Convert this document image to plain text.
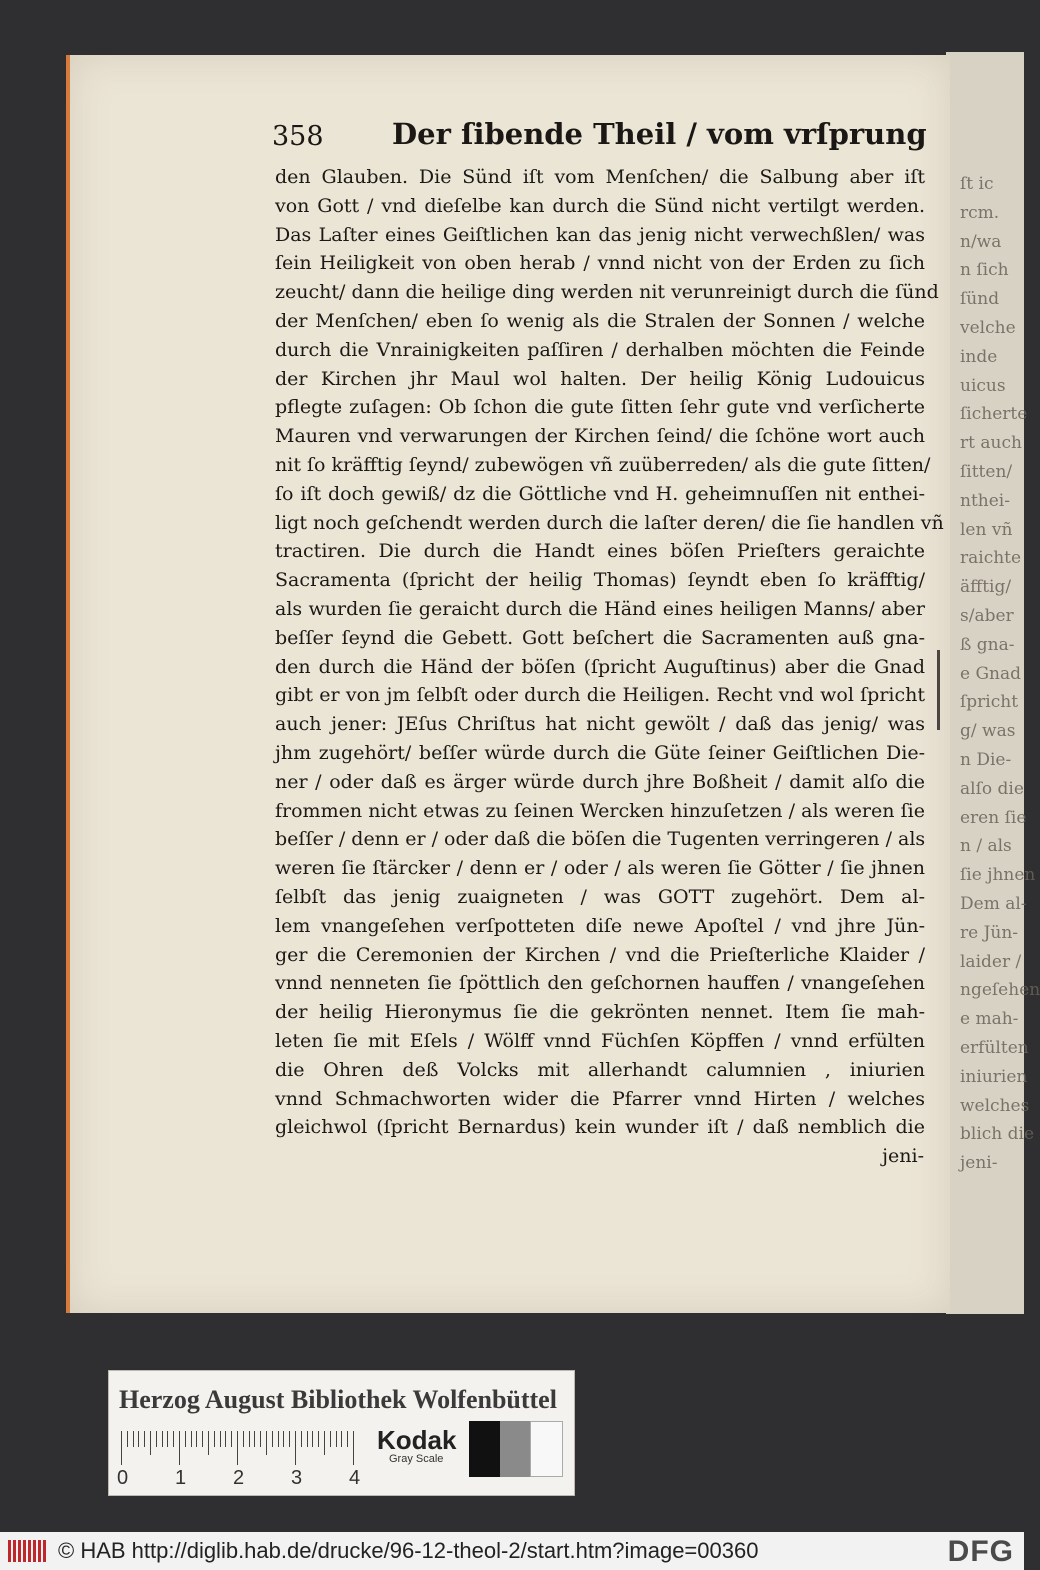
ſt ic
rcm.
n/wa
n ſich
ſünd
velche
inde
uicus
ſicherte
rt auch
ſitten/
nthei-
len vñ
raichte
äfftig/
s/aber
ß gna-
e Gnad
ſpricht
g/ was
n Die-
alſo die
eren ſie
n / als
ſie jhnen
Dem al-
re Jün-
laider /
ngeſehen
e mah-
erfülten
iniurien
welches
blich die
jeni-
358 Der ſibende Theil / vom vrſprung
den Glauben. Die Sünd iſt vom Menſchen/ die Salbung aber iſt
von Gott / vnd dieſelbe kan durch die Sünd nicht vertilgt werden.
Das Laſter eines Geiſtlichen kan das jenig nicht verwechßlen/ was
ſein Heiligkeit von oben herab / vnnd nicht von der Erden zu ſich
zeucht/ dann die heilige ding werden nit verunreinigt durch die ſünd
der Menſchen/ eben ſo wenig als die Stralen der Sonnen / welche
durch die Vnrainigkeiten paſſiren / derhalben möchten die Feinde
der Kirchen jhr Maul wol halten. Der heilig König Ludouicus
pflegte zuſagen: Ob ſchon die gute ſitten ſehr gute vnd verſicherte
Mauren vnd verwarungen der Kirchen ſeind/ die ſchöne wort auch
nit ſo kräfftig ſeynd/ zubewögen vñ zuüberreden/ als die gute ſitten/
ſo iſt doch gewiß/ dz die Göttliche vnd H. geheimnuſſen nit enthei-
ligt noch geſchendt werden durch die laſter deren/ die ſie handlen vñ
tractiren. Die durch die Handt eines böſen Prieſters geraichte
Sacramenta (ſpricht der heilig Thomas) ſeyndt eben ſo kräfftig/
als wurden ſie geraicht durch die Händ eines heiligen Manns/ aber
beſſer ſeynd die Gebett. Gott beſchert die Sacramenten auß gna-
den durch die Händ der böſen (ſpricht Auguſtinus) aber die Gnad
gibt er von jm ſelbſt oder durch die Heiligen. Recht vnd wol ſpricht
auch jener: JEſus Chriſtus hat nicht gewölt / daß das jenig/ was
jhm zugehört/ beſſer würde durch die Güte ſeiner Geiſtlichen Die-
ner / oder daß es ärger würde durch jhre Boßheit / damit alſo die
frommen nicht etwas zu ſeinen Wercken hinzuſetzen / als weren ſie
beſſer / denn er / oder daß die böſen die Tugenten verringeren / als
weren ſie ſtärcker / denn er / oder / als weren ſie Götter / ſie jhnen
ſelbſt das jenig zuaigneten / was GOTT zugehört. Dem al-
lem vnangeſehen verſpotteten diſe newe Apoſtel / vnd jhre Jün-
ger die Ceremonien der Kirchen / vnd die Prieſterliche Klaider /
vnnd nenneten ſie ſpöttlich den geſchornen hauffen / vnangeſehen
der heilig Hieronymus ſie die gekrönten nennet. Item ſie mah-
leten ſie mit Eſels / Wölff vnnd Füchſen Köpffen / vnnd erfülten
die Ohren deß Volcks mit allerhandt calumnien , iniurien
vnnd Schmachworten wider die Pfarrer vnnd Hirten / welches
gleichwol (ſpricht Bernardus) kein wunder iſt / daß nemblich die
jeni-
Herzog August Bibliothek Wolfenbüttel
0 1 2 3 4
Kodak
Gray Scale
© HAB http://diglib.hab.de/drucke/96-12-theol-2/start.htm?image=00360	DFG
